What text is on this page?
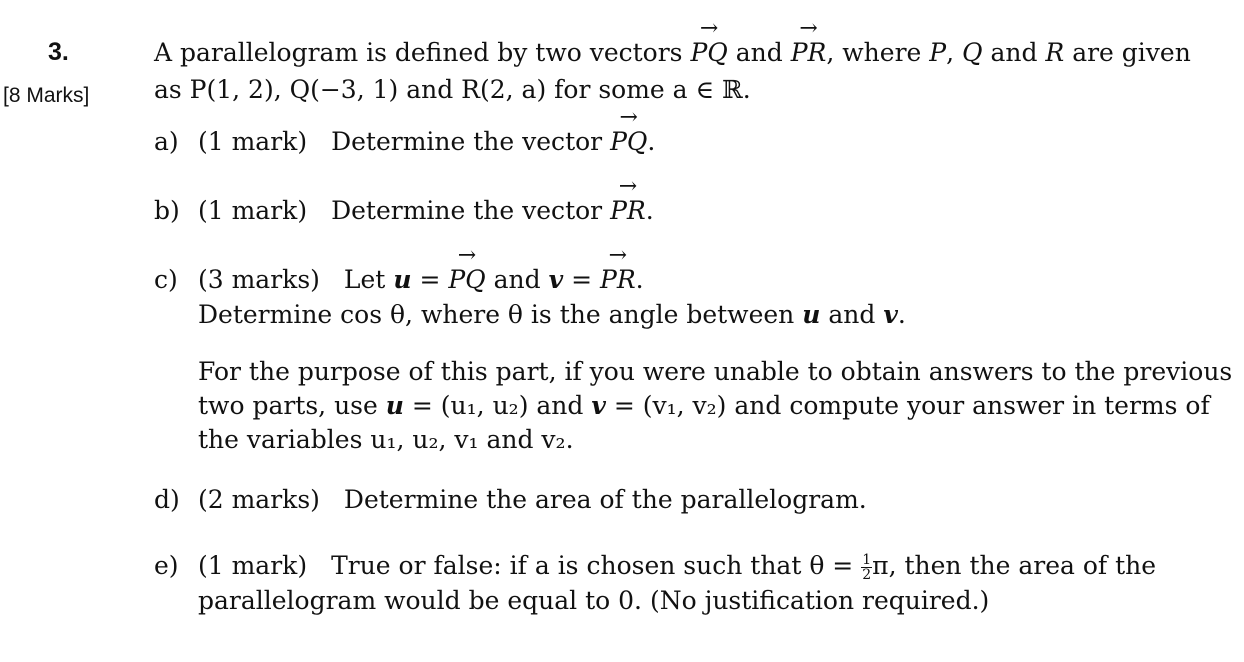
3.
[8 Marks]
A parallelogram is defined by two vectors → PQ and → PR, where P, Q and R are given
as P(1, 2), Q(−3, 1) and R(2, a) for some a ∈ ℝ.
a) (1 mark) Determine the vector → PQ.
b) (1 mark) Determine the vector → PR.
c) (3 marks) Let u = → PQ and v = → PR.
Determine cos θ, where θ is the angle between u and v.
For the purpose of this part, if you were unable to obtain answers to the previous
two parts, use u = (u₁, u₂) and v = (v₁, v₂) and compute your answer in terms of
the variables u₁, u₂, v₁ and v₂.
d) (2 marks) Determine the area of the parallelogram.
e) (1 mark) True or false: if a is chosen such that $\theta = \frac{1}{2} \pi$, then the area of the
parallelogram would be equal to 0. (No justification required.)
